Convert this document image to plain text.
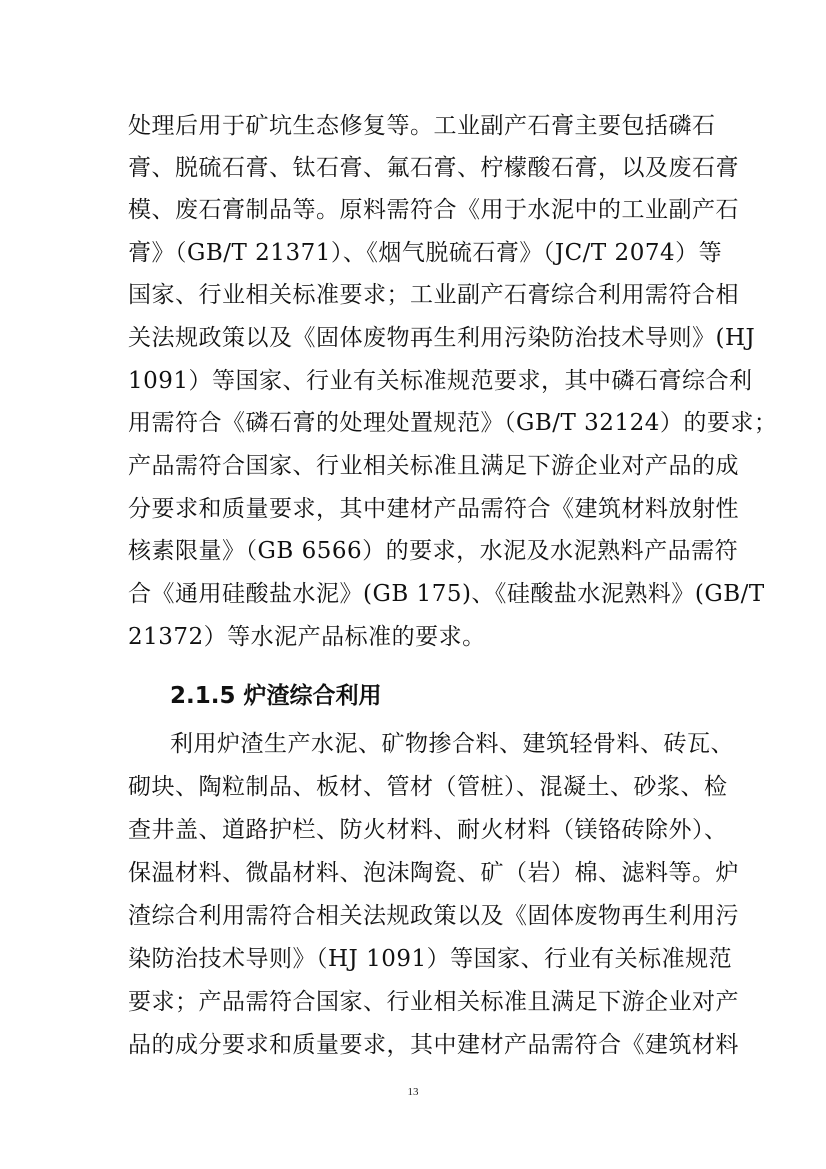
处理后用于矿坑生态修复等。工业副产石膏主要包括磷石
膏、脱硫石膏、钛石膏、氟石膏、柠檬酸石膏，以及废石膏
模、废石膏制品等。原料需符合《用于水泥中的工业副产石
膏》（GB/T 21371）、《烟气脱硫石膏》（JC/T 2074）等
国家、行业相关标准要求；工业副产石膏综合利用需符合相
关法规政策以及《固体废物再生利用污染防治技术导则》(HJ
1091）等国家、行业有关标准规范要求，其中磷石膏综合利
用需符合《磷石膏的处理处置规范》（GB/T 32124）的要求；
产品需符合国家、行业相关标准且满足下游企业对产品的成
分要求和质量要求，其中建材产品需符合《建筑材料放射性
核素限量》（GB 6566）的要求，水泥及水泥熟料产品需符
合《通用硅酸盐水泥》(GB 175)、《硅酸盐水泥熟料》(GB/T
21372）等水泥产品标准的要求。
2.1.5 炉渣综合利用
利用炉渣生产水泥、矿物掺合料、建筑轻骨料、砖瓦、
砌块、陶粒制品、板材、管材（管桩）、混凝土、砂浆、检
查井盖、道路护栏、防火材料、耐火材料（镁铬砖除外）、
保温材料、微晶材料、泡沫陶瓷、矿（岩）棉、滤料等。炉
渣综合利用需符合相关法规政策以及《固体废物再生利用污
染防治技术导则》（HJ 1091）等国家、行业有关标准规范
要求；产品需符合国家、行业相关标准且满足下游企业对产
品的成分要求和质量要求，其中建材产品需符合《建筑材料
13
